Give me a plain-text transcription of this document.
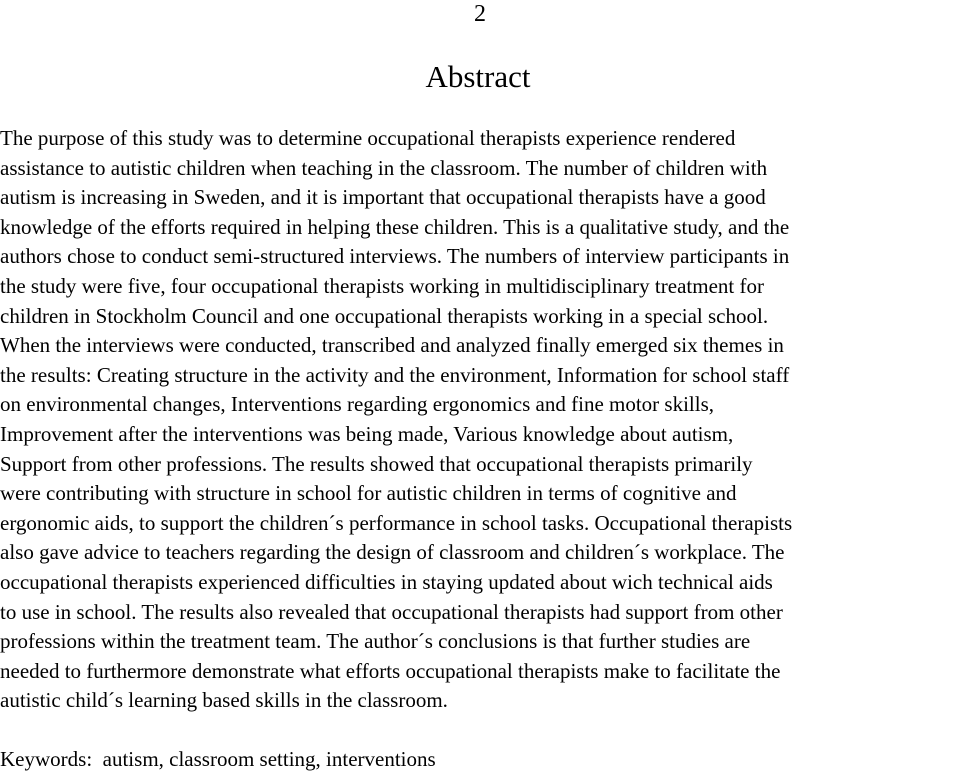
2
Abstract
The purpose of this study was to determine occupational therapists experience rendered
assistance to autistic children when teaching in the classroom. The number of children with
autism is increasing in Sweden, and it is important that occupational therapists have a good
knowledge of the efforts required in helping these children. This is a qualitative study, and the
authors chose to conduct semi-structured interviews. The numbers of interview participants in
the study were five, four occupational therapists working in multidisciplinary treatment for
children in Stockholm Council and one occupational therapists working in a special school.
When the interviews were conducted, transcribed and analyzed finally emerged six themes in
the results: Creating structure in the activity and the environment, Information for school staff
on environmental changes, Interventions regarding ergonomics and fine motor skills,
Improvement after the interventions was being made, Various knowledge about autism,
Support from other professions. The results showed that occupational therapists primarily
were contributing with structure in school for autistic children in terms of cognitive and
ergonomic aids, to support the children´s performance in school tasks. Occupational therapists
also gave advice to teachers regarding the design of classroom and children´s workplace. The
occupational therapists experienced difficulties in staying updated about wich technical aids
to use in school. The results also revealed that occupational therapists had support from other
professions within the treatment team. The author´s conclusions is that further studies are
needed to furthermore demonstrate what efforts occupational therapists make to facilitate the
autistic child´s learning based skills in the classroom.
Keywords:  autism, classroom setting, interventions
